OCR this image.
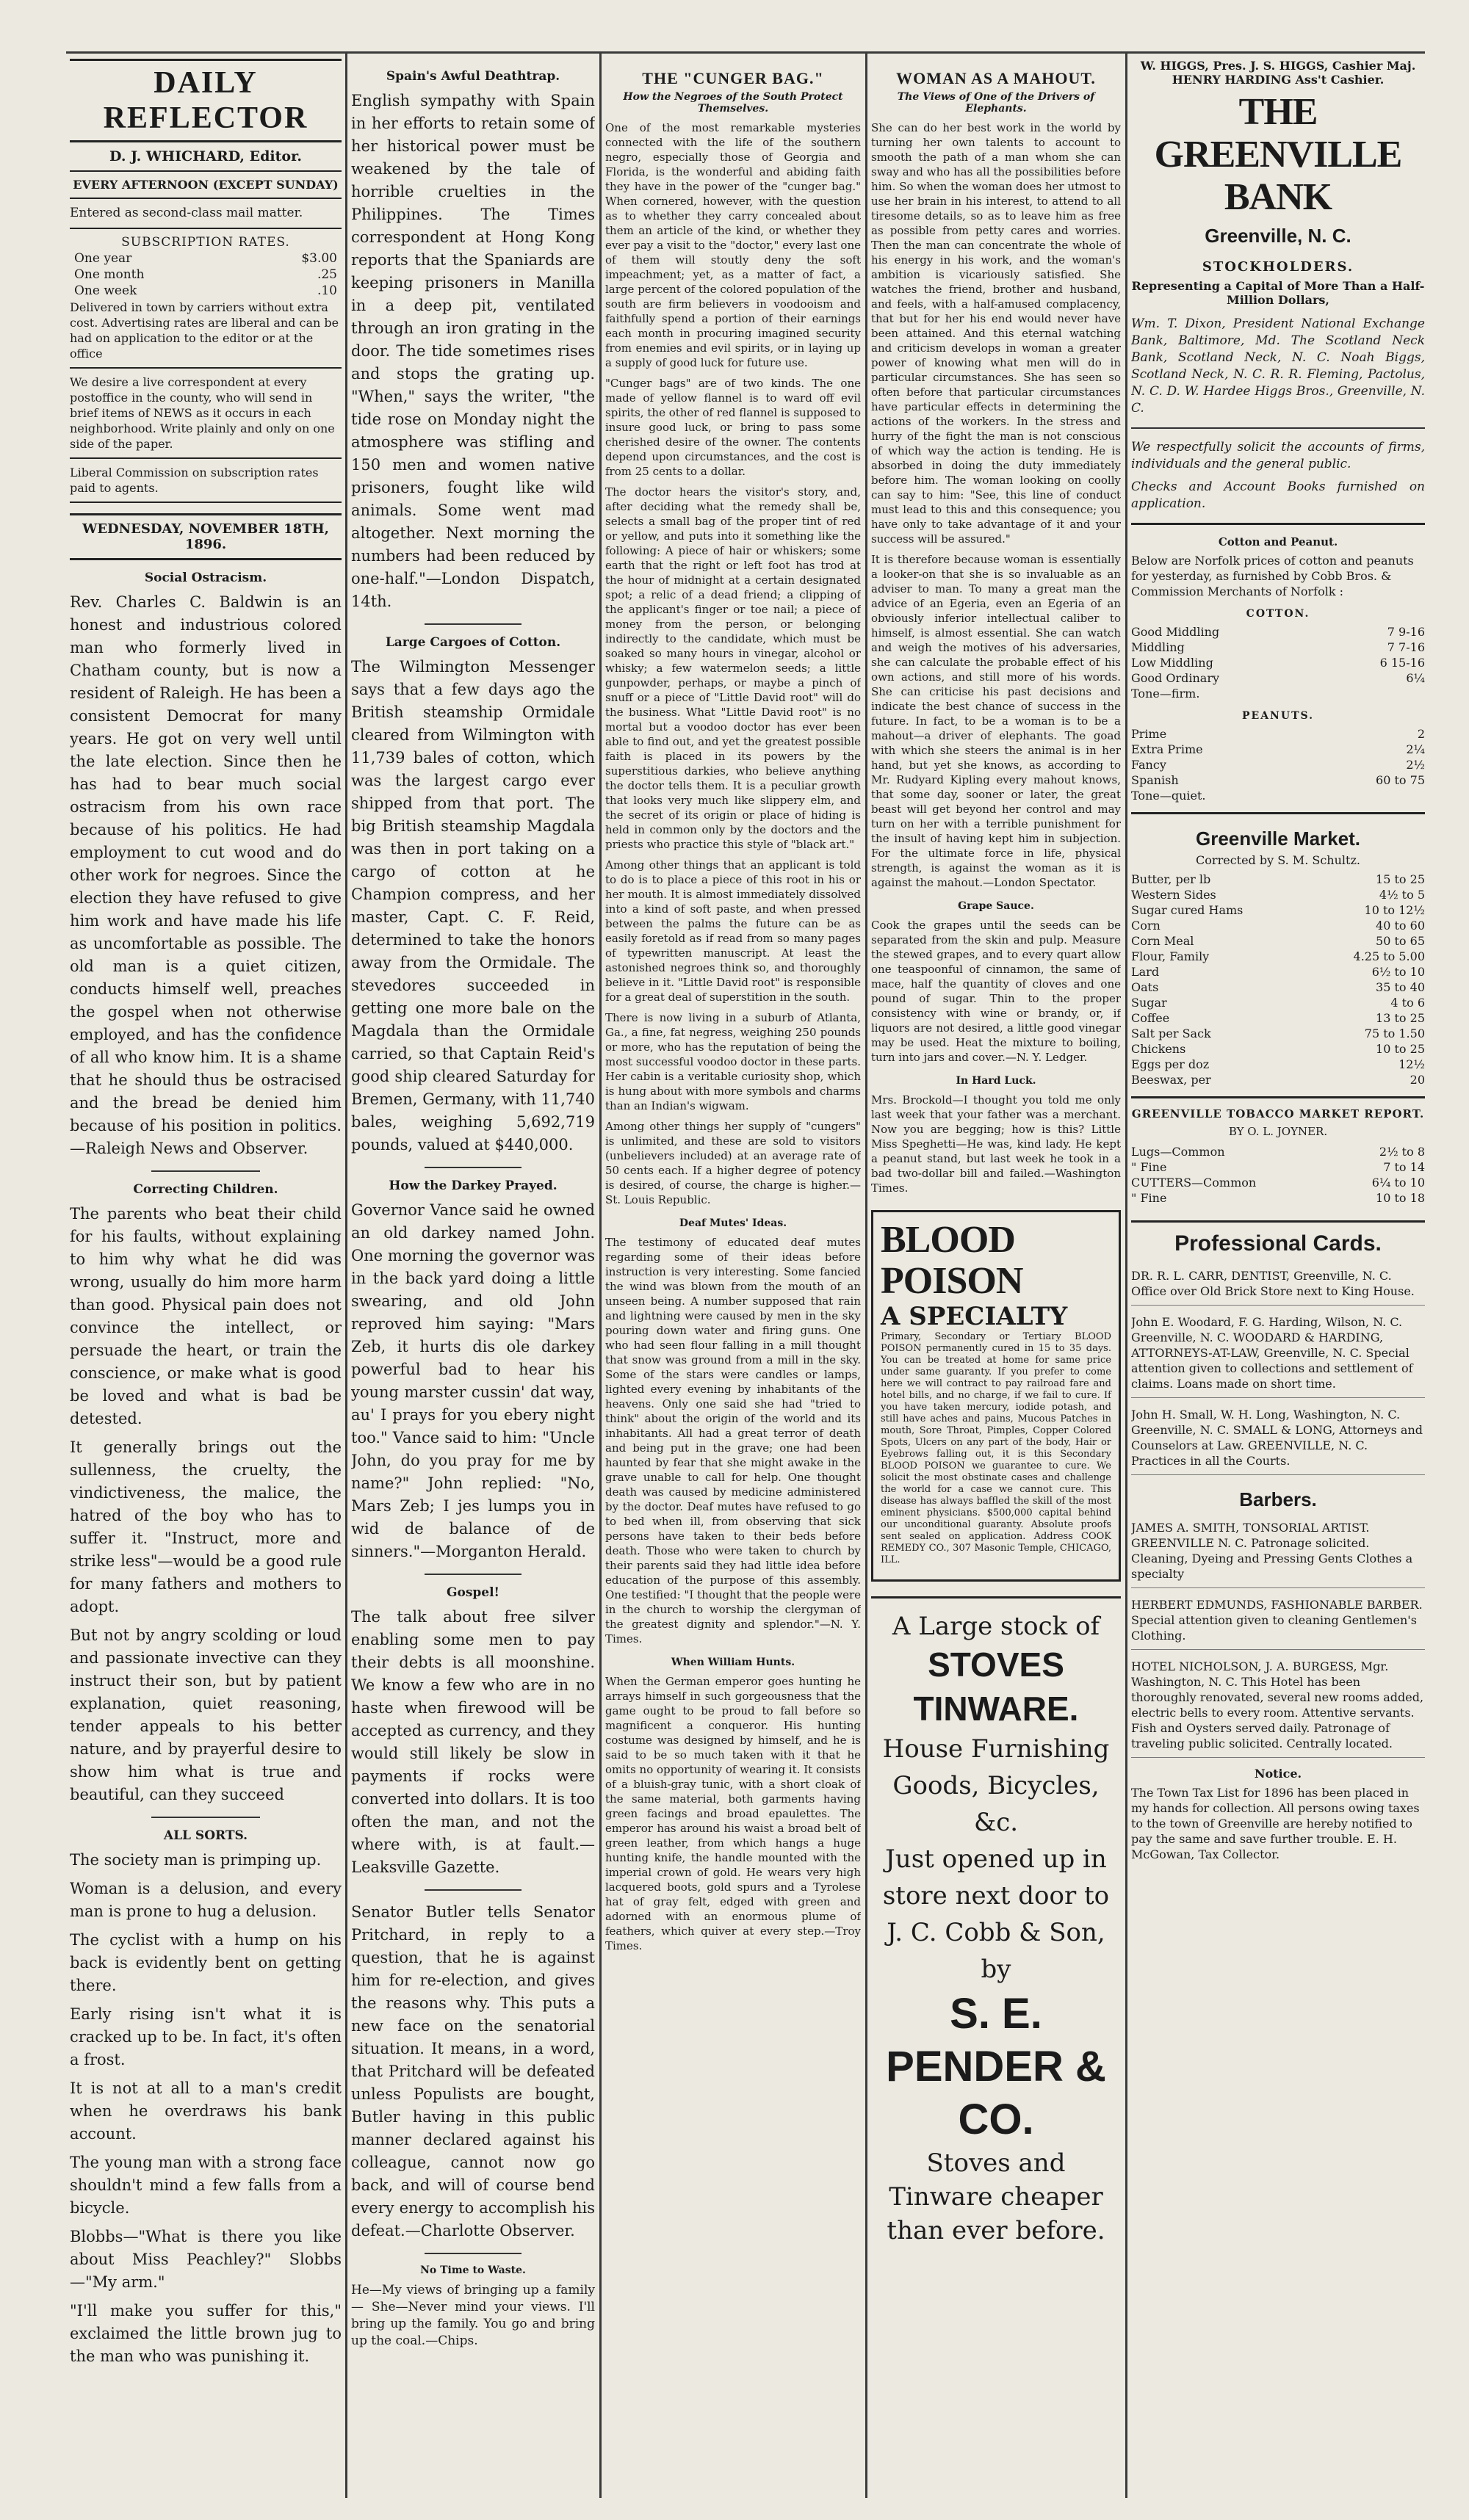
DAILY REFLECTOR
D. J. WHICHARD, Editor.
EVERY AFTERNOON (EXCEPT SUNDAY)
Entered as second-class mail matter.
SUBSCRIPTION RATES.
One year	$3.00
One month	.25
One week	.10
Delivered in town by carriers without extra cost. Advertising rates are liberal and can be had on application to the editor or at the office
We desire a live correspondent at every postoffice in the county, who will send in brief items of NEWS as it occurs in each neighborhood. Write plainly and only on one side of the paper.
Liberal Commission on subscription rates paid to agents.
WEDNESDAY, NOVEMBER 18TH, 1896.
Social Ostracism.

Rev. Charles C. Baldwin is an honest and industrious colored man who formerly lived in Chatham county, but is now a resident of Raleigh. He has been a consistent Democrat for many years. He got on very well until the late election. Since then he has had to bear much social ostracism from his own race because of his politics. He had employment to cut wood and do other work for negroes. Since the election they have refused to give him work and have made his life as uncomfortable as possible. The old man is a quiet citizen, conducts himself well, preaches the gospel when not otherwise employed, and has the confidence of all who know him. It is a shame that he should thus be ostracised and the bread be denied him because of his position in politics.—Raleigh News and Observer.

Correcting Children.

The parents who beat their child for his faults, without explaining to him why what he did was wrong, usually do him more harm than good. Physical pain does not convince the intellect, or persuade the heart, or train the conscience, or make what is good be loved and what is bad be detested.

It generally brings out the sullenness, the cruelty, the vindictiveness, the malice, the hatred of the boy who has to suffer it. "Instruct, more and strike less"—would be a good rule for many fathers and mothers to adopt.

But not by angry scolding or loud and passionate invective can they instruct their son, but by patient explanation, quiet reasoning, tender appeals to his better nature, and by prayerful desire to show him what is true and beautiful, can they succeed

ALL SORTS.

The society man is primping up.

Woman is a delusion, and every man is prone to hug a delusion.

The cyclist with a hump on his back is evidently bent on getting there.

Early rising isn't what it is cracked up to be. In fact, it's often a frost.

It is not at all to a man's credit when he overdraws his bank account.

The young man with a strong face shouldn't mind a few falls from a bicycle.

Blobbs—"What is there you like about Miss Peachley?" Slobbs—"My arm."

"I'll make you suffer for this," exclaimed the little brown jug to the man who was punishing it.

Spain's Awful Deathtrap.

English sympathy with Spain in her efforts to retain some of her historical power must be weakened by the tale of horrible cruelties in the Philippines. The Times correspondent at Hong Kong reports that the Spaniards are keeping prisoners in Manilla in a deep pit, ventilated through an iron grating in the door. The tide sometimes rises and stops the grating up. "When," says the writer, "the tide rose on Monday night the atmosphere was stifling and 150 men and women native prisoners, fought like wild animals. Some went mad altogether. Next morning the numbers had been reduced by one-half."—London Dispatch, 14th.

Large Cargoes of Cotton.

The Wilmington Messenger says that a few days ago the British steamship Ormidale cleared from Wilmington with 11,739 bales of cotton, which was the largest cargo ever shipped from that port. The big British steamship Magdala was then in port taking on a cargo of cotton at he Champion compress, and her master, Capt. C. F. Reid, determined to take the honors away from the Ormidale. The stevedores succeeded in getting one more bale on the Magdala than the Ormidale carried, so that Captain Reid's good ship cleared Saturday for Bremen, Germany, with 11,740 bales, weighing 5,692,719 pounds, valued at $440,000.

How the Darkey Prayed.

Governor Vance said he owned an old darkey named John. One morning the governor was in the back yard doing a little swearing, and old John reproved him saying: "Mars Zeb, it hurts dis ole darkey powerful bad to hear his young marster cussin' dat way, au' I prays for you ebery night too." Vance said to him: "Uncle John, do you pray for me by name?" John replied: "No, Mars Zeb; I jes lumps you in wid de balance of de sinners."—Morganton Herald.

Gospel!

The talk about free silver enabling some men to pay their debts is all moonshine. We know a few who are in no haste when firewood will be accepted as currency, and they would still likely be slow in payments if rocks were converted into dollars. It is too often the man, and not the where with, is at fault.—Leaksville Gazette.

Senator Butler tells Senator Pritchard, in reply to a question, that he is against him for re-election, and gives the reasons why. This puts a new face on the senatorial situation. It means, in a word, that Pritchard will be defeated unless Populists are bought, Butler having in this public manner declared against his colleague, cannot now go back, and will of course bend every energy to accomplish his defeat.—Charlotte Observer.

No Time to Waste.

He—My views of bringing up a family— She—Never mind your views. I'll bring up the family. You go and bring up the coal.—Chips.

THE "CUNGER BAG."
How the Negroes of the South Protect Themselves.

One of the most remarkable mysteries connected with the life of the southern negro, especially those of Georgia and Florida, is the wonderful and abiding faith they have in the power of the "cunger bag." When cornered, however, with the question as to whether they carry concealed about them an article of the kind, or whether they ever pay a visit to the "doctor," every last one of them will stoutly deny the soft impeachment; yet, as a matter of fact, a large percent of the colored population of the south are firm believers in voodooism and faithfully spend a portion of their earnings each month in procuring imagined security from enemies and evil spirits, or in laying up a supply of good luck for future use.

"Cunger bags" are of two kinds. The one made of yellow flannel is to ward off evil spirits, the other of red flannel is supposed to insure good luck, or bring to pass some cherished desire of the owner. The contents depend upon circumstances, and the cost is from 25 cents to a dollar.

The doctor hears the visitor's story, and, after deciding what the remedy shall be, selects a small bag of the proper tint of red or yellow, and puts into it something like the following: A piece of hair or whiskers; some earth that the right or left foot has trod at the hour of midnight at a certain designated spot; a relic of a dead friend; a clipping of the applicant's finger or toe nail; a piece of money from the person, or belonging indirectly to the candidate, which must be soaked so many hours in vinegar, alcohol or whisky; a few watermelon seeds; a little gunpowder, perhaps, or maybe a pinch of snuff or a piece of "Little David root" will do the business. What "Little David root" is no mortal but a voodoo doctor has ever been able to find out, and yet the greatest possible faith is placed in its powers by the superstitious darkies, who believe anything the doctor tells them. It is a peculiar growth that looks very much like slippery elm, and the secret of its origin or place of hiding is held in common only by the doctors and the priests who practice this style of "black art."

Among other things that an applicant is told to do is to place a piece of this root in his or her mouth. It is almost immediately dissolved into a kind of soft paste, and when pressed between the palms the future can be as easily foretold as if read from so many pages of typewritten manuscript. At least the astonished negroes think so, and thoroughly believe in it. "Little David root" is responsible for a great deal of superstition in the south.

There is now living in a suburb of Atlanta, Ga., a fine, fat negress, weighing 250 pounds or more, who has the reputation of being the most successful voodoo doctor in these parts. Her cabin is a veritable curiosity shop, which is hung about with more symbols and charms than an Indian's wigwam.

Among other things her supply of "cungers" is unlimited, and these are sold to visitors (unbelievers included) at an average rate of 50 cents each. If a higher degree of potency is desired, of course, the charge is higher.—St. Louis Republic.

Deaf Mutes' Ideas.

The testimony of educated deaf mutes regarding some of their ideas before instruction is very interesting. Some fancied the wind was blown from the mouth of an unseen being. A number supposed that rain and lightning were caused by men in the sky pouring down water and firing guns. One who had seen flour falling in a mill thought that snow was ground from a mill in the sky. Some of the stars were candles or lamps, lighted every evening by inhabitants of the heavens. Only one said she had "tried to think" about the origin of the world and its inhabitants. All had a great terror of death and being put in the grave; one had been haunted by fear that she might awake in the grave unable to call for help. One thought death was caused by medicine administered by the doctor. Deaf mutes have refused to go to bed when ill, from observing that sick persons have taken to their beds before death. Those who were taken to church by their parents said they had little idea before education of the purpose of this assembly. One testified: "I thought that the people were in the church to worship the clergyman of the greatest dignity and splendor."—N. Y. Times.

When William Hunts.

When the German emperor goes hunting he arrays himself in such gorgeousness that the game ought to be proud to fall before so magnificent a conqueror. His hunting costume was designed by himself, and he is said to be so much taken with it that he omits no opportunity of wearing it. It consists of a bluish-gray tunic, with a short cloak of the same material, both garments having green facings and broad epaulettes. The emperor has around his waist a broad belt of green leather, from which hangs a huge hunting knife, the handle mounted with the imperial crown of gold. He wears very high lacquered boots, gold spurs and a Tyrolese hat of gray felt, edged with green and adorned with an enormous plume of feathers, which quiver at every step.—Troy Times.

WOMAN AS A MAHOUT.
The Views of One of the Drivers of Elephants.

She can do her best work in the world by turning her own talents to account to smooth the path of a man whom she can sway and who has all the possibilities before him. So when the woman does her utmost to use her brain in his interest, to attend to all tiresome details, so as to leave him as free as possible from petty cares and worries. Then the man can concentrate the whole of his energy in his work, and the woman's ambition is vicariously satisfied. She watches the friend, brother and husband, and feels, with a half-amused complacency, that but for her his end would never have been attained. And this eternal watching and criticism develops in woman a greater power of knowing what men will do in particular circumstances. She has seen so often before that particular circumstances have particular effects in determining the actions of the workers. In the stress and hurry of the fight the man is not conscious of which way the action is tending. He is absorbed in doing the duty immediately before him. The woman looking on coolly can say to him: "See, this line of conduct must lead to this and this consequence; you have only to take advantage of it and your success will be assured."

It is therefore because woman is essentially a looker-on that she is so invaluable as an adviser to man. To many a great man the advice of an Egeria, even an Egeria of an obviously inferior intellectual caliber to himself, is almost essential. She can watch and weigh the motives of his adversaries, she can calculate the probable effect of his own actions, and still more of his words. She can criticise his past decisions and indicate the best chance of success in the future. In fact, to be a woman is to be a mahout—a driver of elephants. The goad with which she steers the animal is in her hand, but yet she knows, as according to Mr. Rudyard Kipling every mahout knows, that some day, sooner or later, the great beast will get beyond her control and may turn on her with a terrible punishment for the insult of having kept him in subjection. For the ultimate force in life, physical strength, is against the woman as it is against the mahout.—London Spectator.

Grape Sauce.

Cook the grapes until the seeds can be separated from the skin and pulp. Measure the stewed grapes, and to every quart allow one teaspoonful of cinnamon, the same of mace, half the quantity of cloves and one pound of sugar. Thin to the proper consistency with wine or brandy, or, if liquors are not desired, a little good vinegar may be used. Heat the mixture to boiling, turn into jars and cover.—N. Y. Ledger.

In Hard Luck.

Mrs. Brockold—I thought you told me only last week that your father was a merchant. Now you are begging; how is this? Little Miss Speghetti—He was, kind lady. He kept a peanut stand, but last week he took in a bad two-dollar bill and failed.—Washington Times.

BLOOD POISON
A SPECIALTY

Primary, Secondary or Tertiary BLOOD POISON permanently cured in 15 to 35 days. You can be treated at home for same price under same guaranty. If you prefer to come here we will contract to pay railroad fare and hotel bills, and no charge, if we fail to cure. If you have taken mercury, iodide potash, and still have aches and pains, Mucous Patches in mouth, Sore Throat, Pimples, Copper Colored Spots, Ulcers on any part of the body, Hair or Eyebrows falling out, it is this Secondary BLOOD POISON we guarantee to cure. We solicit the most obstinate cases and challenge the world for a case we cannot cure. This disease has always baffled the skill of the most eminent physicians. $500,000 capital behind our unconditional guaranty. Absolute proofs sent sealed on application. Address COOK REMEDY CO., 307 Masonic Temple, CHICAGO, ILL.

A Large stock of
STOVES TINWARE.
House Furnishing
Goods, Bicycles, &c.
Just opened up in store next door to J. C. Cobb & Son, by
S. E. PENDER & CO.
Stoves and Tinware cheaper than ever before.
W. HIGGS, Pres. J. S. HIGGS, Cashier Maj. HENRY HARDING Ass't Cashier.
THE GREENVILLE BANK
Greenville, N. C.
STOCKHOLDERS.
Representing a Capital of More Than a Half-Million Dollars,

Wm. T. Dixon, President National Exchange Bank, Baltimore, Md. The Scotland Neck Bank, Scotland Neck, N. C. Noah Biggs, Scotland Neck, N. C. R. R. Fleming, Pactolus, N. C. D. W. Hardee Higgs Bros., Greenville, N. C.

We respectfully solicit the accounts of firms, individuals and the general public.

Checks and Account Books furnished on application.

Cotton and Peanut.
Below are Norfolk prices of cotton and peanuts for yesterday, as furnished by Cobb Bros. & Commission Merchants of Norfolk :
COTTON.
Good Middling	7 9-16
Middling	7 7-16
Low Middling	6 15-16
Good Ordinary	6¼
Tone—firm.	
PEANUTS.
Prime	2
Extra Prime	2¼
Fancy	2½
Spanish	60 to 75
Tone—quiet.	
Greenville Market.
Corrected by S. M. Schultz.
Butter, per lb	15 to 25
Western Sides	4½ to 5
Sugar cured Hams	10 to 12½
Corn	40 to 60
Corn Meal	50 to 65
Flour, Family	4.25 to 5.00
Lard	6½ to 10
Oats	35 to 40
Sugar	4 to 6
Coffee	13 to 25
Salt per Sack	75 to 1.50
Chickens	10 to 25
Eggs per doz	12½
Beeswax, per	20
GREENVILLE TOBACCO MARKET REPORT.
BY O. L. JOYNER.
Lugs—Common	2½ to 8
" Fine	7 to 14
CUTTERS—Common	6¼ to 10
" Fine	10 to 18
Professional Cards.
DR. R. L. CARR, DENTIST, Greenville, N. C. Office over Old Brick Store next to King House.
John E. Woodard, F. G. Harding, Wilson, N. C. Greenville, N. C. WOODARD & HARDING, ATTORNEYS-AT-LAW, Greenville, N. C. Special attention given to collections and settlement of claims. Loans made on short time.
John H. Small, W. H. Long, Washington, N. C. Greenville, N. C. SMALL & LONG, Attorneys and Counselors at Law. GREENVILLE, N. C. Practices in all the Courts.
Barbers.
JAMES A. SMITH, TONSORIAL ARTIST. GREENVILLE N. C. Patronage solicited. Cleaning, Dyeing and Pressing Gents Clothes a specialty
HERBERT EDMUNDS, FASHIONABLE BARBER. Special attention given to cleaning Gentlemen's Clothing.
HOTEL NICHOLSON, J. A. BURGESS, Mgr. Washington, N. C. This Hotel has been thoroughly renovated, several new rooms added, electric bells to every room. Attentive servants. Fish and Oysters served daily. Patronage of traveling public solicited. Centrally located.
Notice.
The Town Tax List for 1896 has been placed in my hands for collection. All persons owing taxes to the town of Greenville are hereby notified to pay the same and save further trouble. E. H. McGowan, Tax Collector.
